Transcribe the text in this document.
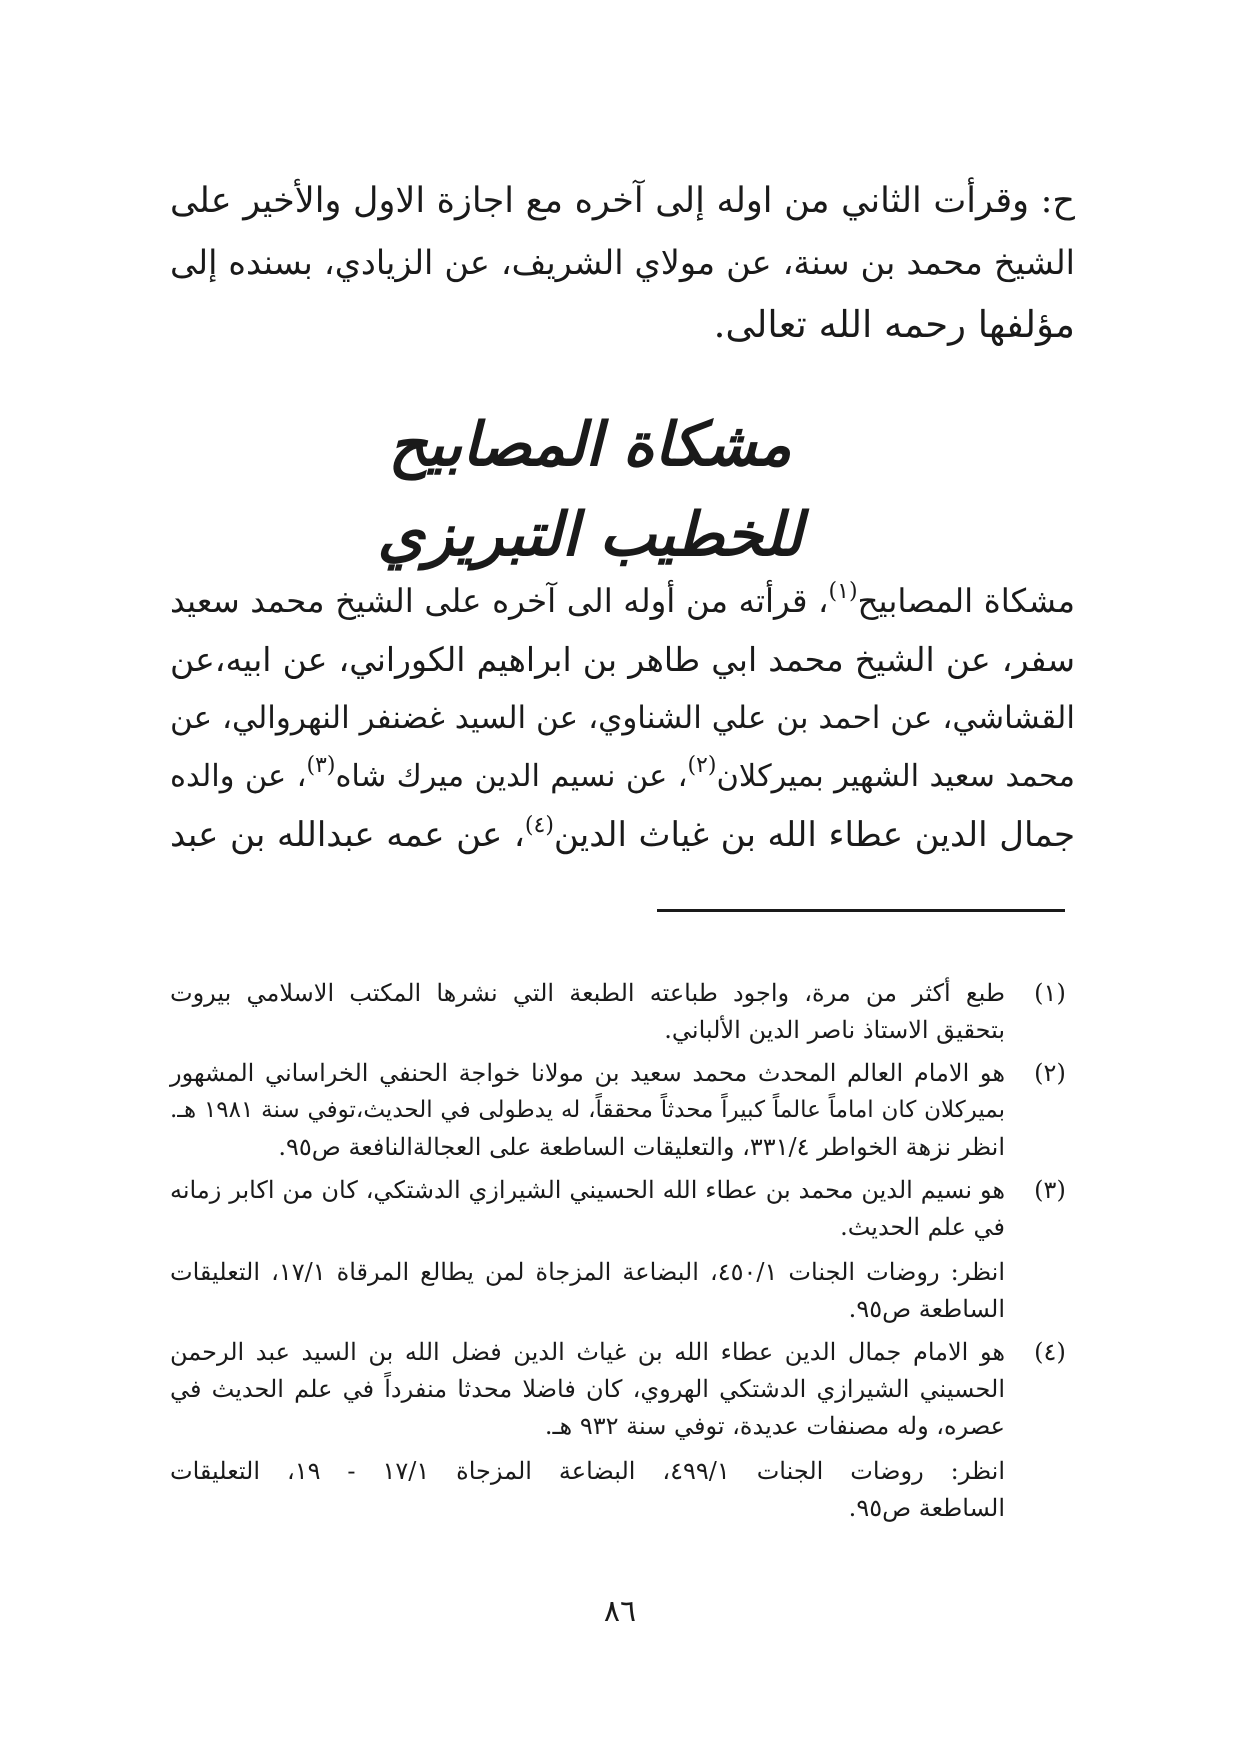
ح: وقرأت الثاني من اوله إلى آخره مع اجازة الاول والأخير على
الشيخ محمد بن سنة، عن مولاي الشريف، عن الزيادي، بسنده إلى
مؤلفها رحمه الله تعالى.
مشكاة المصابيح للخطيب التبريزي
مشكاة المصابيح$^{(١)}$، قرأته من أوله الى آخره على الشيخ محمد سعيد
سفر، عن الشيخ محمد ابي طاهر بن ابراهيم الكوراني، عن ابيه،عن
القشاشي، عن احمد بن علي الشناوي، عن السيد غضنفر النهروالي، عن
محمد سعيد الشهير بميركلان$^{(٢)}$، عن نسيم الدين ميرك شاه$^{(٣)}$، عن والده
جمال الدين عطاء الله بن غياث الدين$^{(٤)}$، عن عمه عبدالله بن عبد
(١)
طبع أكثر من مرة، واجود طباعته الطبعة التي نشرها المكتب الاسلامي بيروت
بتحقيق الاستاذ ناصر الدين الألباني.
(٢)
هو الامام العالم المحدث محمد سعيد بن مولانا خواجة الحنفي الخراساني المشهور
بميركلان كان اماماً عالماً كبيراً محدثاً محققاً، له يدطولى في الحديث،توفي سنة ١٩٨١ هـ.
انظر نزهة الخواطر ٣٣١/٤، والتعليقات الساطعة على العجالةالنافعة ص٩٥.
(٣)
هو نسيم الدين محمد بن عطاء الله الحسيني الشيرازي الدشتكي، كان من اكابر زمانه
في علم الحديث.
انظر: روضات الجنات ٤٥٠/١، البضاعة المزجاة لمن يطالع المرقاة ١٧/١، التعليقات
الساطعة ص٩٥.
(٤)
هو الامام جمال الدين عطاء الله بن غياث الدين فضل الله بن السيد عبد الرحمن
الحسيني الشيرازي الدشتكي الهروي، كان فاضلا محدثا منفرداً في علم الحديث في
عصره، وله مصنفات عديدة، توفي سنة ٩٣٢ هـ.
انظر: روضات الجنات ٤٩٩/١، البضاعة المزجاة ١٧/١ - ١٩، التعليقات
الساطعة ص٩٥.
٨٦
